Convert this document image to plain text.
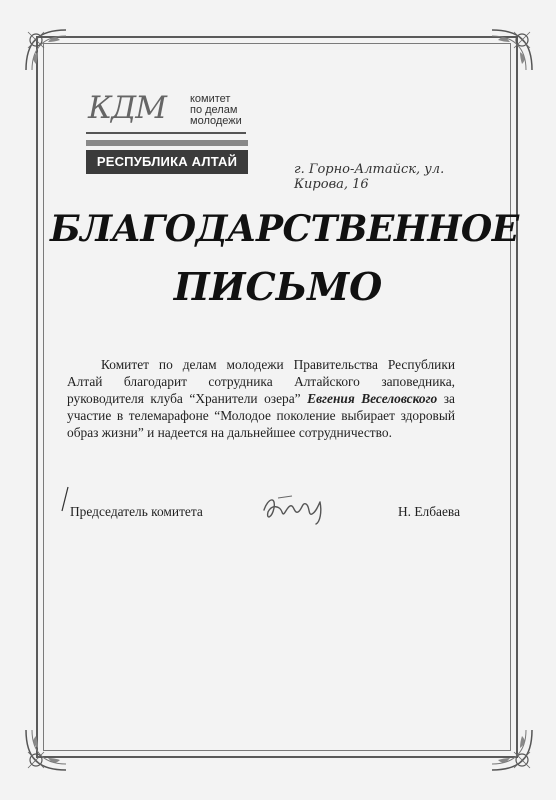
КДМ комитет
по делам
молодежи
РЕСПУБЛИКА АЛТАЙ
г. Горно-Алтайск, ул. Кирова, 16
БЛАГОДАРСТВЕННОЕ
ПИСЬМО
Комитет по делам молодежи Правительства Республики Алтай благодарит сотрудника Алтайского заповедника, руководителя клуба “Хранители озера” Евгения Веселовского за участие в телемарафоне “Молодое поколение выбирает здоровый образ жизни” и надеется на дальнейшее сотрудничество.
Председатель комитета	Н. Елбаева
